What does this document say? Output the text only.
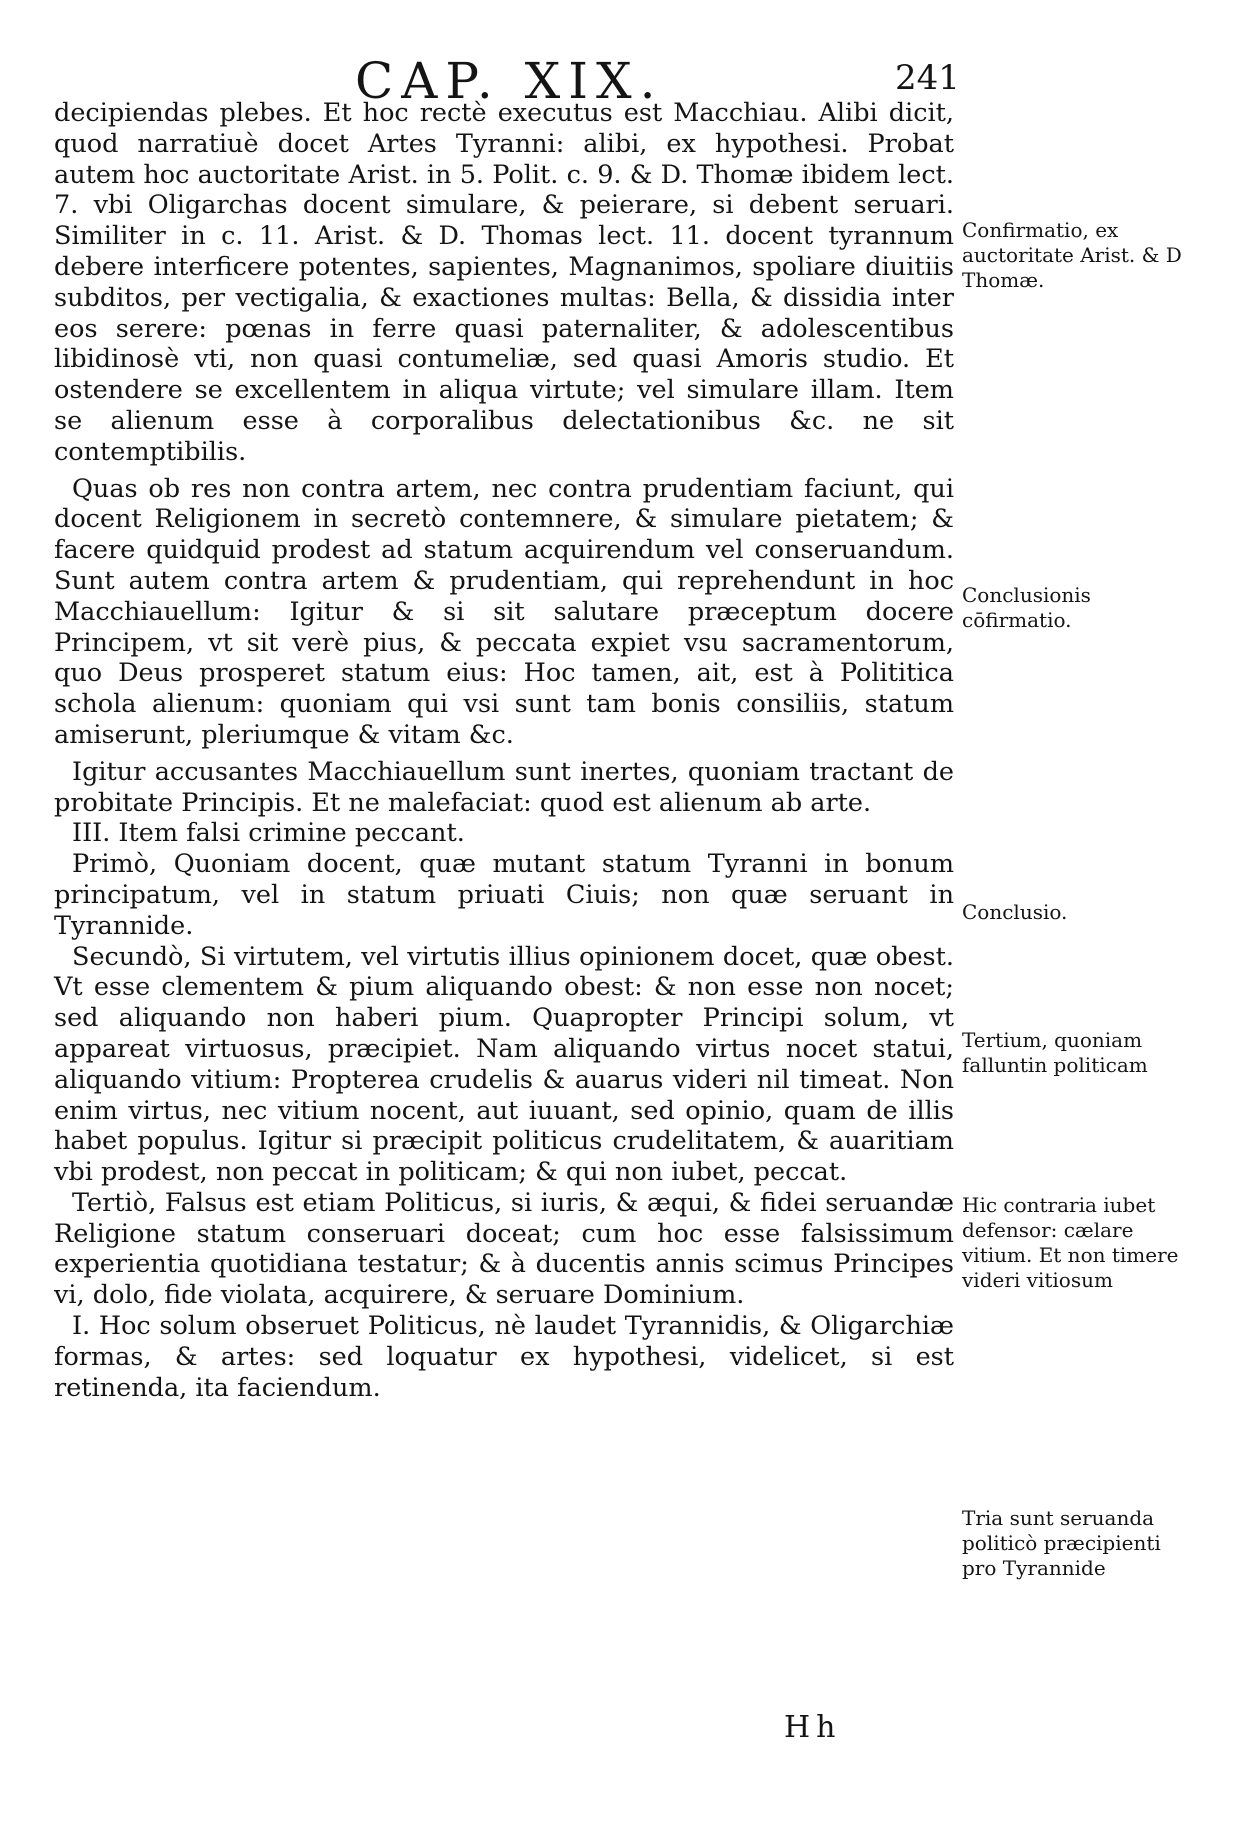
CAP. XIX.	241

decipiendas plebes. Et hoc rectè executus est Macchiau. Alibi dicit, quod narratiuè docet Artes Tyranni: alibi, ex hypothesi. Probat autem hoc auctoritate Arist. in 5. Polit. c. 9. & D. Thomæ ibidem lect. 7. vbi Oligarchas docent simulare, & peierare, si debent seruari. Similiter in c. 11. Arist. & D. Thomas lect. 11. docent tyrannum debere interficere potentes, sapientes, Magnanimos, spoliare diuitiis subditos, per vectigalia, & exactiones multas: Bella, & dissidia inter eos serere: pœnas in ferre quasi paternaliter, & adolescentibus libidinosè vti, non quasi contumeliæ, sed quasi Amoris studio. Et ostendere se excellentem in aliqua virtute; vel simulare illam. Item se alienum esse à corporalibus delectationibus &c. ne sit contemptibilis.

Quas ob res non contra artem, nec contra prudentiam faciunt, qui docent Religionem in secretò contemnere, & simulare pietatem; & facere quidquid prodest ad statum acquirendum vel conseruandum. Sunt autem contra artem & prudentiam, qui reprehendunt in hoc Macchiauellum: Igitur & si sit salutare præceptum docere Principem, vt sit verè pius, & peccata expiet vsu sacramentorum, quo Deus prosperet statum eius: Hoc tamen, ait, est à Polititica schola alienum: quoniam qui vsi sunt tam bonis consiliis, statum amiserunt, pleriumque & vitam &c.

Igitur accusantes Macchiauellum sunt inertes, quoniam tractant de probitate Principis. Et ne malefaciat: quod est alienum ab arte.

III. Item falsi crimine peccant.

Primò, Quoniam docent, quæ mutant statum Tyranni in bonum principatum, vel in statum priuati Ciuis; non quæ seruant in Tyrannide.

Secundò, Si virtutem, vel virtutis illius opinionem docet, quæ obest. Vt esse clementem & pium aliquando obest: & non esse non nocet; sed aliquando non haberi pium. Quapropter Principi solum, vt appareat virtuosus, præcipiet. Nam aliquando virtus nocet statui, aliquando vitium: Propterea crudelis & auarus videri nil timeat. Non enim virtus, nec vitium nocent, aut iuuant, sed opinio, quam de illis habet populus. Igitur si præcipit politicus crudelitatem, & auaritiam vbi prodest, non peccat in politicam; & qui non iubet, peccat.

Tertiò, Falsus est etiam Politicus, si iuris, & æqui, & fidei seruandæ Religione statum conseruari doceat; cum hoc esse falsissimum experientia quotidiana testatur; & à ducentis annis scimus Principes vi, dolo, fide violata, acquirere, & seruare Dominium.

I. Hoc solum obseruet Politicus, nè laudet Tyrannidis, & Oligarchiæ formas, & artes: sed loquatur ex hypothesi, videlicet, si est retinenda, ita faciendum.

Confirmatio, ex auctoritate Arist. & D Thomæ.
Conclusionis cōfirmatio.
Conclusio.
Tertium, quoniam falluntin politicam
Hic contraria iubet defensor: cælare vitium. Et non timere videri vitiosum
Tria sunt seruanda politicò præcipienti pro Tyrannide
Hh
